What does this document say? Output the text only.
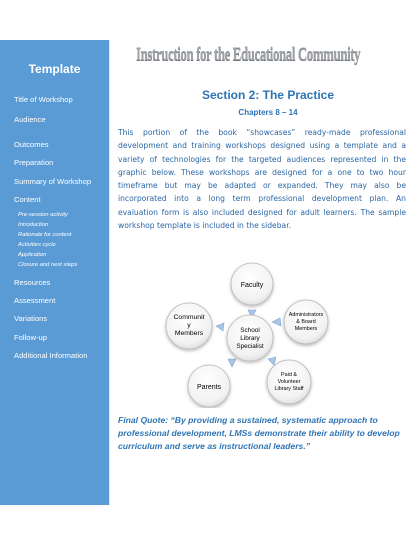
Template
Title of Workshop
Audience
Outcomes
Preparation
Summary of Workshop
Content
Pre-session activity
Introduction
Rationale for content
Activities cycle
Application
Closure and next steps
Resources
Assessment
Variations
Follow-up
Additional Information
Instruction for the Educational Community
Section 2: The Practice
Chapters 8 – 14

This portion of the book “showcases” ready-made professional development and training workshops designed using a template and a variety of technologies for the targeted audiences represented in the graphic below. These workshops are designed for a one to two hour timeframe but may be adapted or expanded. They may also be incorporated into a long term professional development plan. An evaluation form is also included designed for adult learners. The sample workshop template is included in the sidebar.

School
Library
Specialist
Faculty
Administrators
& Board
Members
Paid &
Volunteer
Library Staff
Parents
Communit
y
Members

Final Quote: “By providing a sustained, systematic approach to professional development, LMSs demonstrate their ability to develop curriculum and serve as instructional leaders.”
